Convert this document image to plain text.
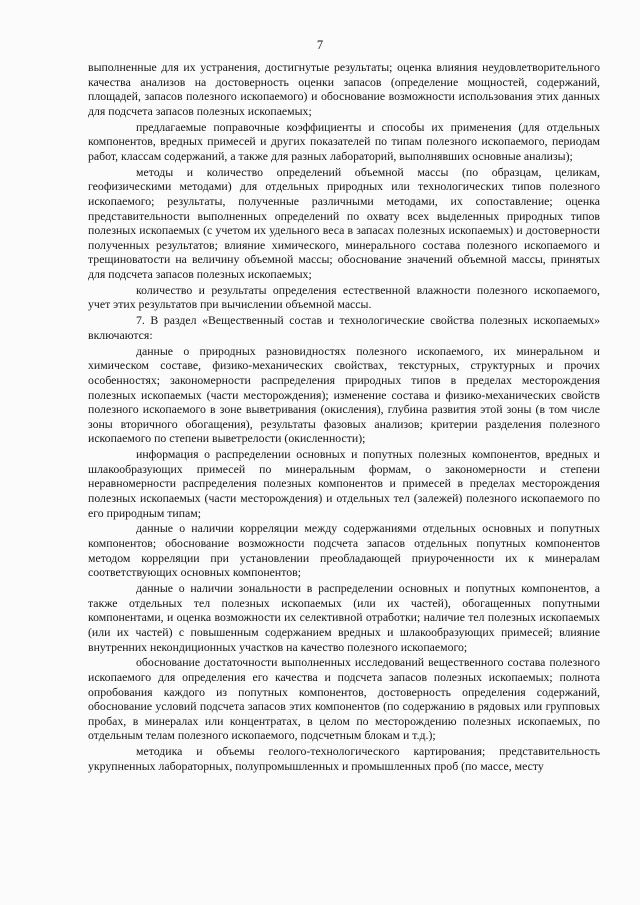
7

выполненные для их устранения, достигнутые результаты; оценка влияния неудовлетворительного качества анализов на достоверность оценки запасов (определение мощностей, содержаний, площадей, запасов полезного ископаемого) и обоснование возможности использования этих данных для подсчета запасов полезных ископаемых;

предлагаемые поправочные коэффициенты и способы их применения (для отдельных компонентов, вредных примесей и других показателей по типам полезного ископаемого, периодам работ, классам содержаний, а также для разных лабораторий, выполнявших основные анализы);

методы и количество определений объемной массы (по образцам, целикам, геофизическими методами) для отдельных природных или технологических типов полезного ископаемого; результаты, полученные различными методами, их сопоставление; оценка представительности выполненных определений по охвату всех выделенных природных типов полезных ископаемых (с учетом их удельного веса в запасах полезных ископаемых) и достоверности полученных результатов; влияние химического, минерального состава полезного ископаемого и трещиноватости на величину объемной массы; обоснование значений объемной массы, принятых для подсчета запасов полезных ископаемых;

количество и результаты определения естественной влажности полезного ископаемого, учет этих результатов при вычислении объемной массы.

7. В раздел «Вещественный состав и технологические свойства полезных ископаемых» включаются:

данные о природных разновидностях полезного ископаемого, их минеральном и химическом составе, физико-механических свойствах, текстурных, структурных и прочих особенностях; закономерности распределения природных типов в пределах месторождения полезных ископаемых (части месторождения); изменение состава и физико-механических свойств полезного ископаемого в зоне выветривания (окисления), глубина развития этой зоны (в том числе зоны вторичного обогащения), результаты фазовых анализов; критерии разделения полезного ископаемого по степени выветрелости (окисленности);

информация о распределении основных и попутных полезных компонентов, вредных и шлакообразующих примесей по минеральным формам, о закономерности и степени неравномерности распределения полезных компонентов и примесей в пределах месторождения полезных ископаемых (части месторождения) и отдельных тел (залежей) полезного ископаемого по его природным типам;

данные о наличии корреляции между содержаниями отдельных основных и попутных компонентов; обоснование возможности подсчета запасов отдельных попутных компонентов методом корреляции при установлении преобладающей приуроченности их к минералам соответствующих основных компонентов;

данные о наличии зональности в распределении основных и попутных компонентов, а также отдельных тел полезных ископаемых (или их частей), обогащенных попутными компонентами, и оценка возможности их селективной отработки; наличие тел полезных ископаемых (или их частей) с повышенным содержанием вредных и шлакообразующих примесей; влияние внутренних некондиционных участков на качество полезного ископаемого;

обоснование достаточности выполненных исследований вещественного состава полезного ископаемого для определения его качества и подсчета запасов полезных ископаемых; полнота опробования каждого из попутных компонентов, достоверность определения содержаний, обоснование условий подсчета запасов этих компонентов (по содержанию в рядовых или групповых пробах, в минералах или концентратах, в целом по месторождению полезных ископаемых, по отдельным телам полезного ископаемого, подсчетным блокам и т.д.);

методика и объемы геолого-технологического картирования; представительность укрупненных лабораторных, полупромышленных и промышленных проб (по массе, месту
